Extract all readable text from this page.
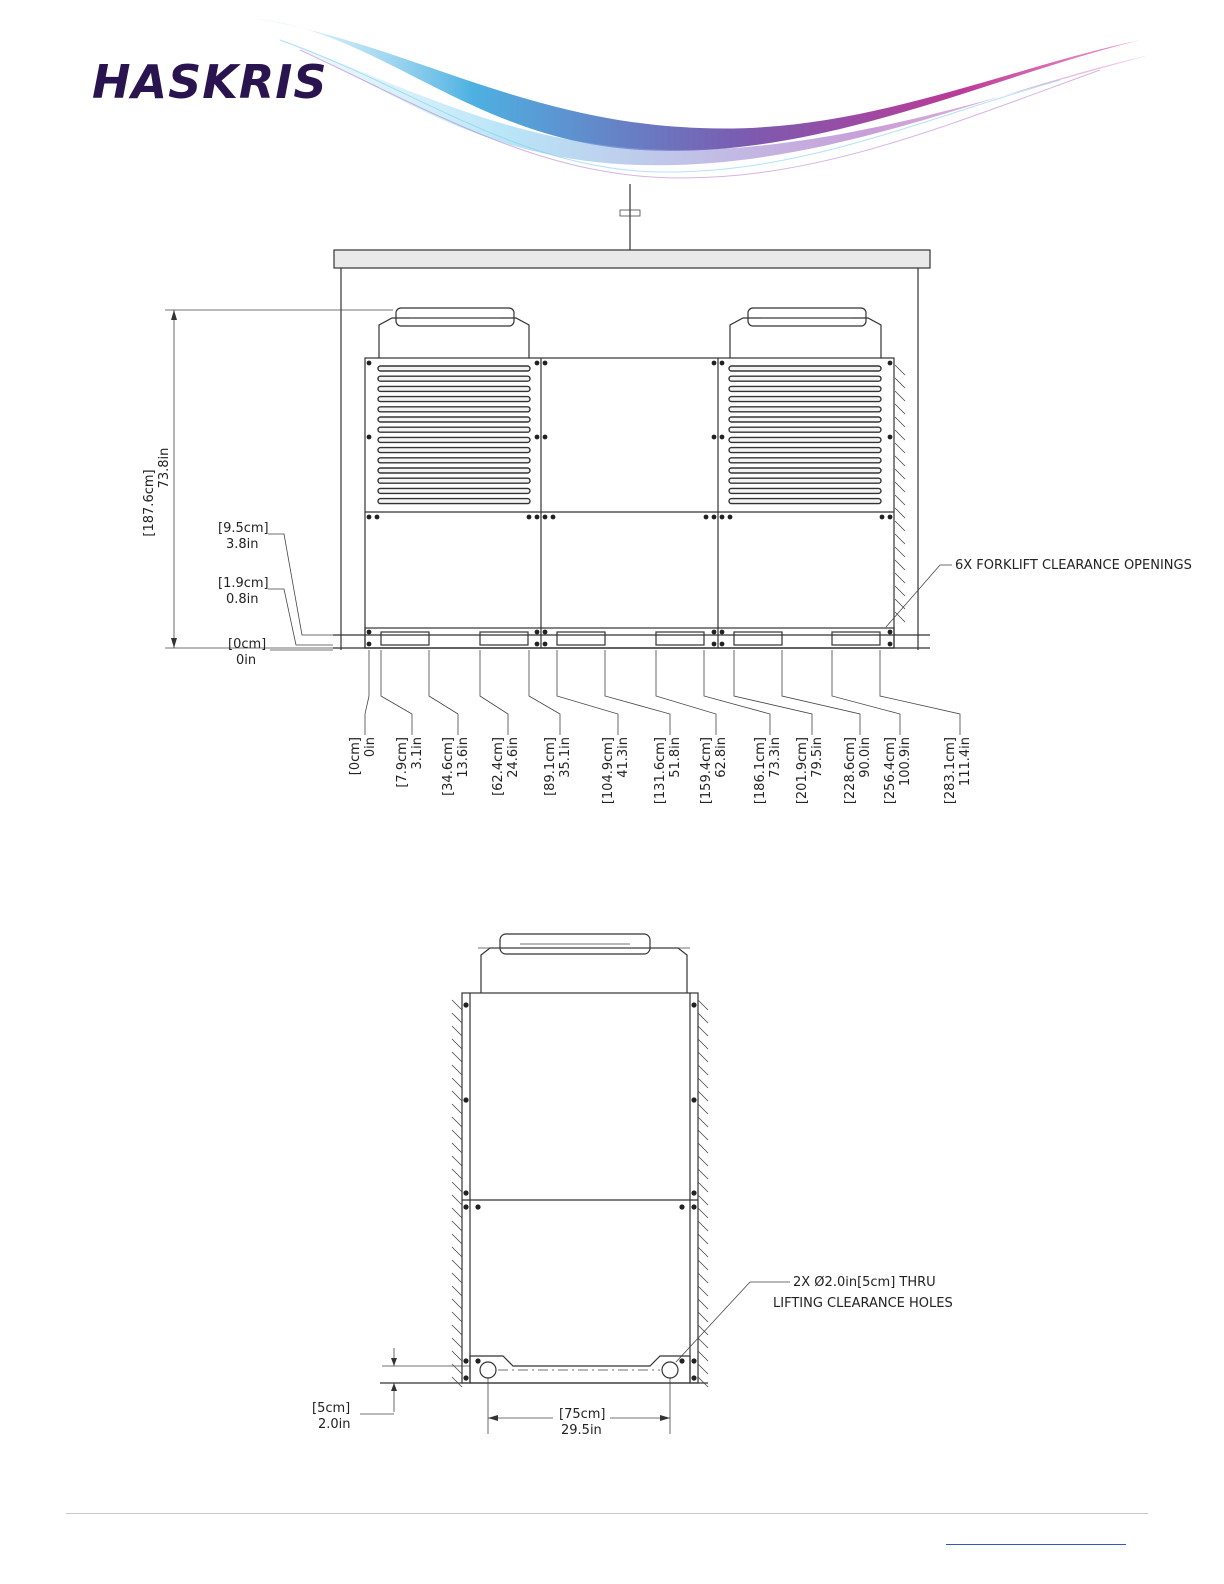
HASKRIS
[187.6cm]
73.8in
[9.5cm]
3.8in
[1.9cm]
0.8in
[0cm]
0in
6X FORKLIFT CLEARANCE OPENINGS
[0cm] 0in [7.9cm] 3.1in [34.6cm] 13.6in [62.4cm] 24.6in [89.1cm] 35.1in [104.9cm] 41.3in [131.6cm] 51.8in [159.4cm] 62.8in [186.1cm] 73.3in [201.9cm] 79.5in [228.6cm] 90.0in [256.4cm] 100.9in [283.1cm] 111.4in
2X Ø2.0in[5cm] THRU
LIFTING CLEARANCE HOLES
[5cm]
2.0in
[75cm]
29.5in
